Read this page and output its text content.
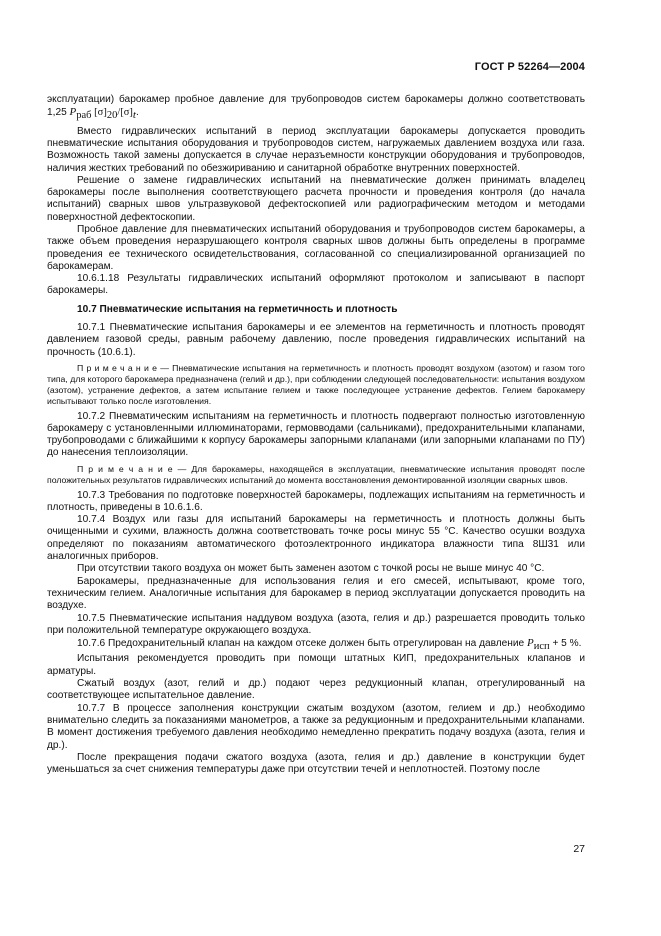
ГОСТ Р 52264—2004

эксплуатации) барокамер пробное давление для трубопроводов систем барокамеры должно соответствовать 1,25 $P_{раб}$ $[\sigma]_{20}/[\sigma]_t$.

Вместо гидравлических испытаний в период эксплуатации барокамеры допускается проводить пневматические испытания оборудования и трубопроводов систем, нагружаемых давлением воздуха или газа. Возможность такой замены допускается в случае неразъемности конструкции оборудования и трубопроводов, наличия жестких требований по обезжириванию и санитарной обработке внутренних поверхностей.

Решение о замене гидравлических испытаний на пневматические должен принимать владелец барокамеры после выполнения соответствующего расчета прочности и проведения контроля (до начала испытаний) сварных швов ультразвуковой дефектоскопией или радиографическим методом и методами поверхностной дефектоскопии.

Пробное давление для пневматических испытаний оборудования и трубопроводов систем барокамеры, а также объем проведения неразрушающего контроля сварных швов должны быть определены в программе проведения ее технического освидетельствования, согласованной со специализированной организацией по барокамерам.

10.6.1.18 Результаты гидравлических испытаний оформляют протоколом и записывают в паспорт барокамеры.

10.7 Пневматические испытания на герметичность и плотность

10.7.1 Пневматические испытания барокамеры и ее элементов на герметичность и плотность проводят давлением газовой среды, равным рабочему давлению, после проведения гидравлических испытаний на прочность (10.6.1).

П р и м е ч а н и е — Пневматические испытания на герметичность и плотность проводят воздухом (азотом) и газом того типа, для которого барокамера предназначена (гелий и др.), при соблюдении следующей последовательности: испытания воздухом (азотом), устранение дефектов, а затем испытание гелием и также последующее устранение дефектов. Гелием барокамеру испытывают только после изготовления.

10.7.2 Пневматическим испытаниям на герметичность и плотность подвергают полностью изготовленную барокамеру с установленными иллюминаторами, гермовводами (сальниками), предохранительными клапанами, трубопроводами с ближайшими к корпусу барокамеры запорными клапанами (или запорными клапанами по ПУ) до нанесения теплоизоляции.

П р и м е ч а н и е — Для барокамеры, находящейся в эксплуатации, пневматические испытания проводят после положительных результатов гидравлических испытаний до момента восстановления демонтированной изоляции сварных швов.

10.7.3 Требования по подготовке поверхностей барокамеры, подлежащих испытаниям на герметичность и плотность, приведены в 10.6.1.6.

10.7.4 Воздух или газы для испытаний барокамеры на герметичность и плотность должны быть очищенными и сухими, влажность должна соответствовать точке росы минус 55 °С. Качество осушки воздуха определяют по показаниям автоматического фотоэлектронного индикатора влажности типа 8Ш31 или аналогичных приборов.

При отсутствии такого воздуха он может быть заменен азотом с точкой росы не выше минус 40 °С.

Барокамеры, предназначенные для использования гелия и его смесей, испытывают, кроме того, техническим гелием. Аналогичные испытания для барокамер в период эксплуатации допускается проводить на воздухе.

10.7.5 Пневматические испытания наддувом воздуха (азота, гелия и др.) разрешается проводить только при положительной температуре окружающего воздуха.

10.7.6 Предохранительный клапан на каждом отсеке должен быть отрегулирован на давление $P_{исп} + 5$ %.

Испытания рекомендуется проводить при помощи штатных КИП, предохранительных клапанов и арматуры.

Сжатый воздух (азот, гелий и др.) подают через редукционный клапан, отрегулированный на соответствующее испытательное давление.

10.7.7 В процессе заполнения конструкции сжатым воздухом (азотом, гелием и др.) необходимо внимательно следить за показаниями манометров, а также за редукционным и предохранительными клапанами. В момент достижения требуемого давления необходимо немедленно прекратить подачу воздуха (азота, гелия и др.).

После прекращения подачи сжатого воздуха (азота, гелия и др.) давление в конструкции будет уменьшаться за счет снижения температуры даже при отсутствии течей и неплотностей. Поэтому после

27
